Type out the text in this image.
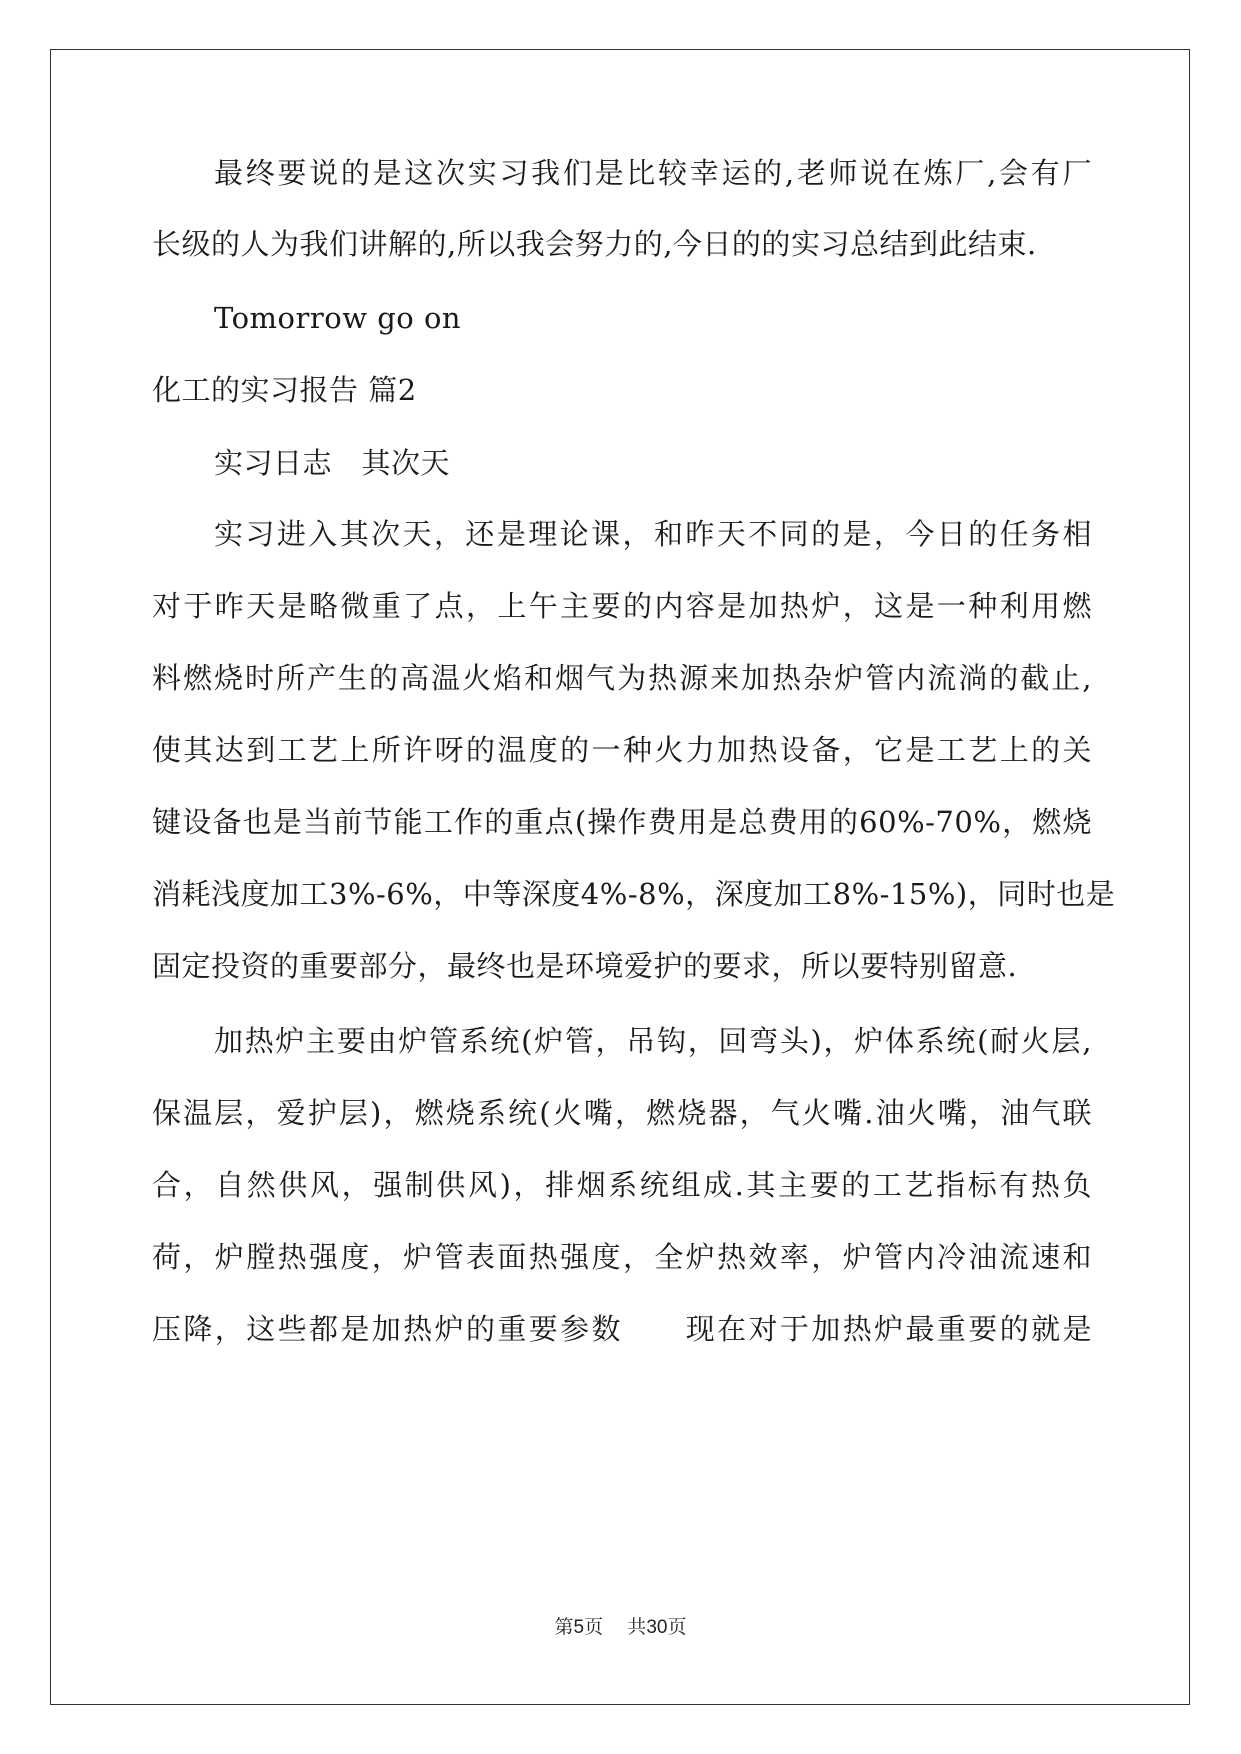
最终要说的是这次实习我们是比较幸运的,老师说在炼厂,会有厂
长级的人为我们讲解的,所以我会努力的,今日的的实习总结到此结束.
Tomorrow go on
化工的实习报告 篇2
实习日志　其次天
实习进入其次天，还是理论课，和昨天不同的是，今日的任务相
对于昨天是略微重了点，上午主要的内容是加热炉，这是一种利用燃
料燃烧时所产生的高温火焰和烟气为热源来加热杂炉管内流淌的截止,
使其达到工艺上所许呀的温度的一种火力加热设备，它是工艺上的关
键设备也是当前节能工作的重点(操作费用是总费用的60%-70%，燃烧
消耗浅度加工3%-6%，中等深度4%-8%，深度加工8%-15%)，同时也是
固定投资的重要部分，最终也是环境爱护的要求，所以要特别留意.
加热炉主要由炉管系统(炉管，吊钩，回弯头)，炉体系统(耐火层,
保温层，爱护层)，燃烧系统(火嘴，燃烧器，气火嘴.油火嘴，油气联
合，自然供风，强制供风)，排烟系统组成.其主要的工艺指标有热负
荷，炉膛热强度，炉管表面热强度，全炉热效率，炉管内冷油流速和
压降，这些都是加热炉的重要参数　　现在对于加热炉最重要的就是
第5页 共30页
